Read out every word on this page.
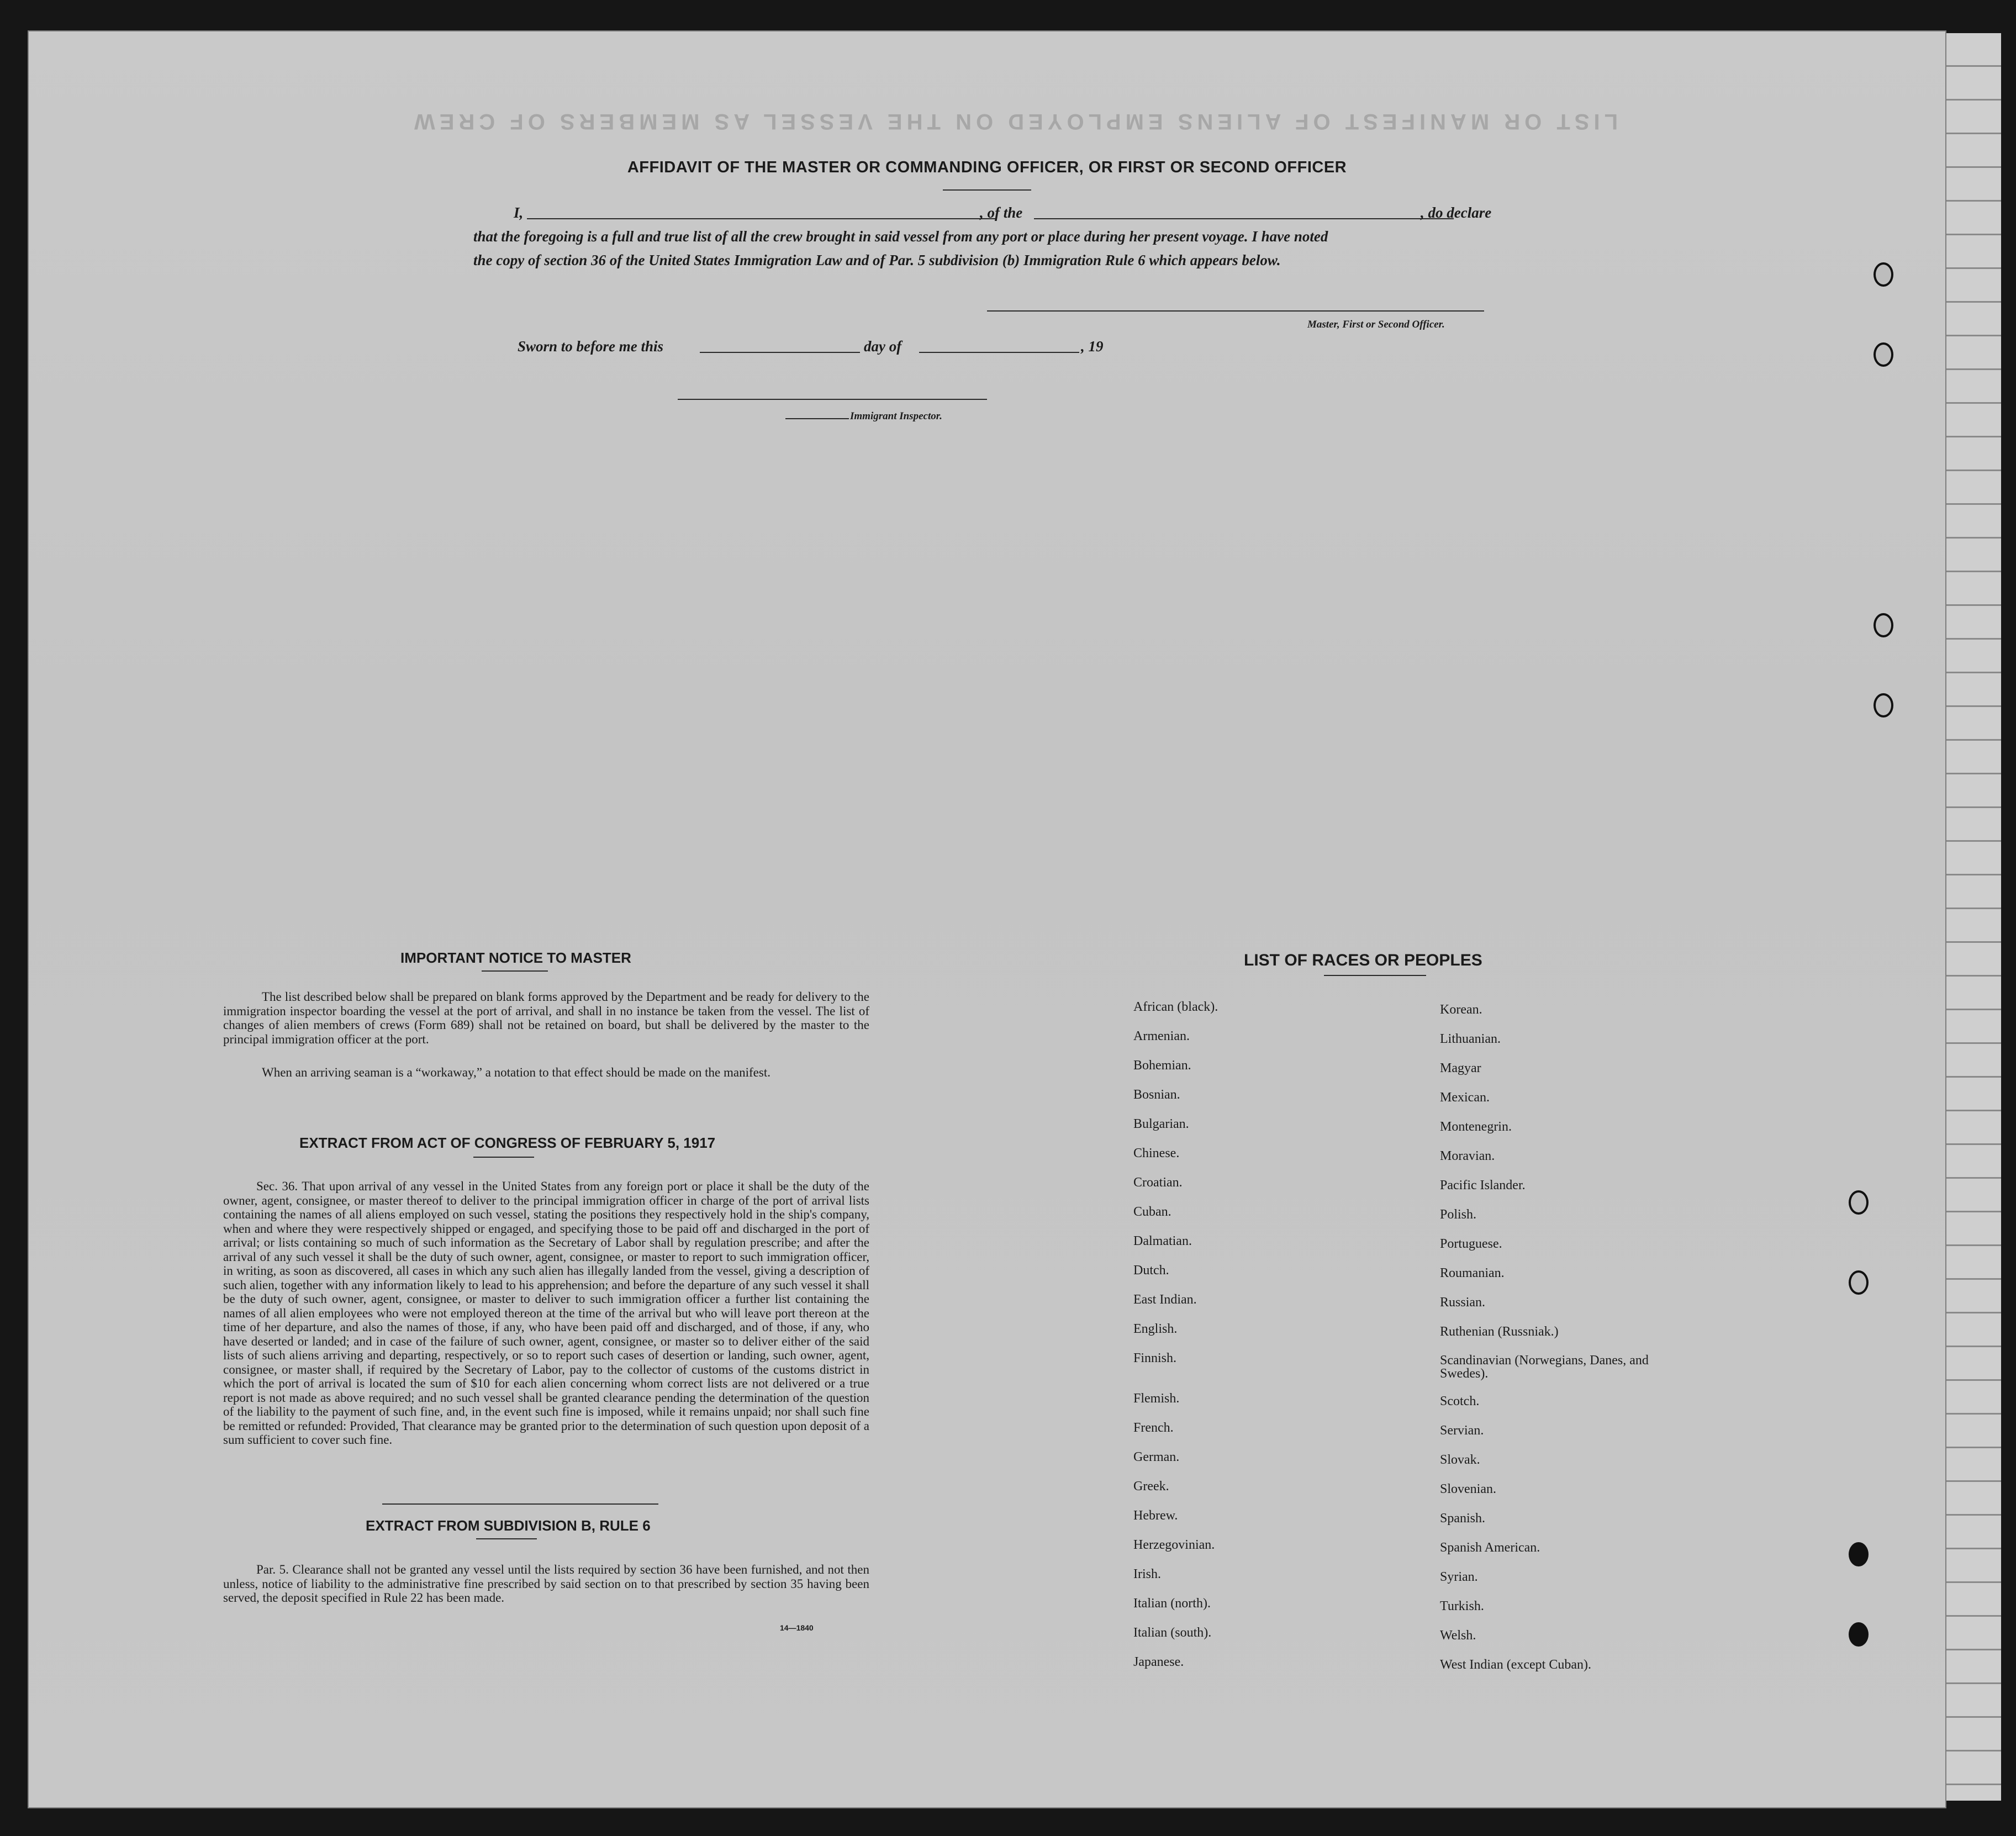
LIST OR MANIFEST OF ALIENS EMPLOYED ON THE VESSEL AS MEMBERS OF CREW
AFFIDAVIT OF THE MASTER OR COMMANDING OFFICER, OR FIRST OR SECOND OFFICER
I,	, of the	, do declare
that the foregoing is a full and true list of all the crew brought in said vessel from any port or place during her present voyage. I have noted
the copy of section 36 of the United States Immigration Law and of Par. 5 subdivision (b) Immigration Rule 6 which appears below.
Master, First or Second Officer.
Sworn to before me this	day of	, 19
Immigrant Inspector.
IMPORTANT NOTICE TO MASTER
The list described below shall be prepared on blank forms approved by the Department and be ready for delivery to the immigration inspector boarding the vessel at the port of arrival, and shall in no instance be taken from the vessel. The list of changes of alien members of crews (Form 689) shall not be retained on board, but shall be delivered by the master to the principal immigration officer at the port.
When an arriving seaman is a “workaway,” a notation to that effect should be made on the manifest.
EXTRACT FROM ACT OF CONGRESS OF FEBRUARY 5, 1917
Sec. 36. That upon arrival of any vessel in the United States from any foreign port or place it shall be the duty of the owner, agent, consignee, or master thereof to deliver to the principal immigration officer in charge of the port of arrival lists containing the names of all aliens employed on such vessel, stating the positions they respectively hold in the ship's company, when and where they were respectively shipped or engaged, and specifying those to be paid off and discharged in the port of arrival; or lists containing so much of such information as the Secretary of Labor shall by regulation prescribe; and after the arrival of any such vessel it shall be the duty of such owner, agent, consignee, or master to report to such immigration officer, in writing, as soon as discovered, all cases in which any such alien has illegally landed from the vessel, giving a description of such alien, together with any information likely to lead to his apprehension; and before the departure of any such vessel it shall be the duty of such owner, agent, consignee, or master to deliver to such immigration officer a further list containing the names of all alien employees who were not employed thereon at the time of the arrival but who will leave port thereon at the time of her departure, and also the names of those, if any, who have been paid off and discharged, and of those, if any, who have deserted or landed; and in case of the failure of such owner, agent, consignee, or master so to deliver either of the said lists of such aliens arriving and departing, respectively, or so to report such cases of desertion or landing, such owner, agent, consignee, or master shall, if required by the Secretary of Labor, pay to the collector of customs of the customs district in which the port of arrival is located the sum of $10 for each alien concerning whom correct lists are not delivered or a true report is not made as above required; and no such vessel shall be granted clearance pending the determination of the question of the liability to the payment of such fine, and, in the event such fine is imposed, while it remains unpaid; nor shall such fine be remitted or refunded: Provided, That clearance may be granted prior to the determination of such question upon deposit of a sum sufficient to cover such fine.
EXTRACT FROM SUBDIVISION B, RULE 6
Par. 5. Clearance shall not be granted any vessel until the lists required by section 36 have been furnished, and not then unless, notice of liability to the administrative fine prescribed by said section on to that prescribed by section 35 having been served, the deposit specified in Rule 22 has been made.
14—1840
LIST OF RACES OR PEOPLES
African (black).
Armenian.
Bohemian.
Bosnian.
Bulgarian.
Chinese.
Croatian.
Cuban.
Dalmatian.
Dutch.
East Indian.
English.
Finnish.
Flemish.
French.
German.
Greek.
Hebrew.
Herzegovinian.
Irish.
Italian (north).
Italian (south).
Japanese.
Korean.
Lithuanian.
Magyar
Mexican.
Montenegrin.
Moravian.
Pacific Islander.
Polish.
Portuguese.
Roumanian.
Russian.
Ruthenian (Russniak.)
Scandinavian (Norwegians, Danes, and Swedes).
Scotch.
Servian.
Slovak.
Slovenian.
Spanish.
Spanish American.
Syrian.
Turkish.
Welsh.
West Indian (except Cuban).
